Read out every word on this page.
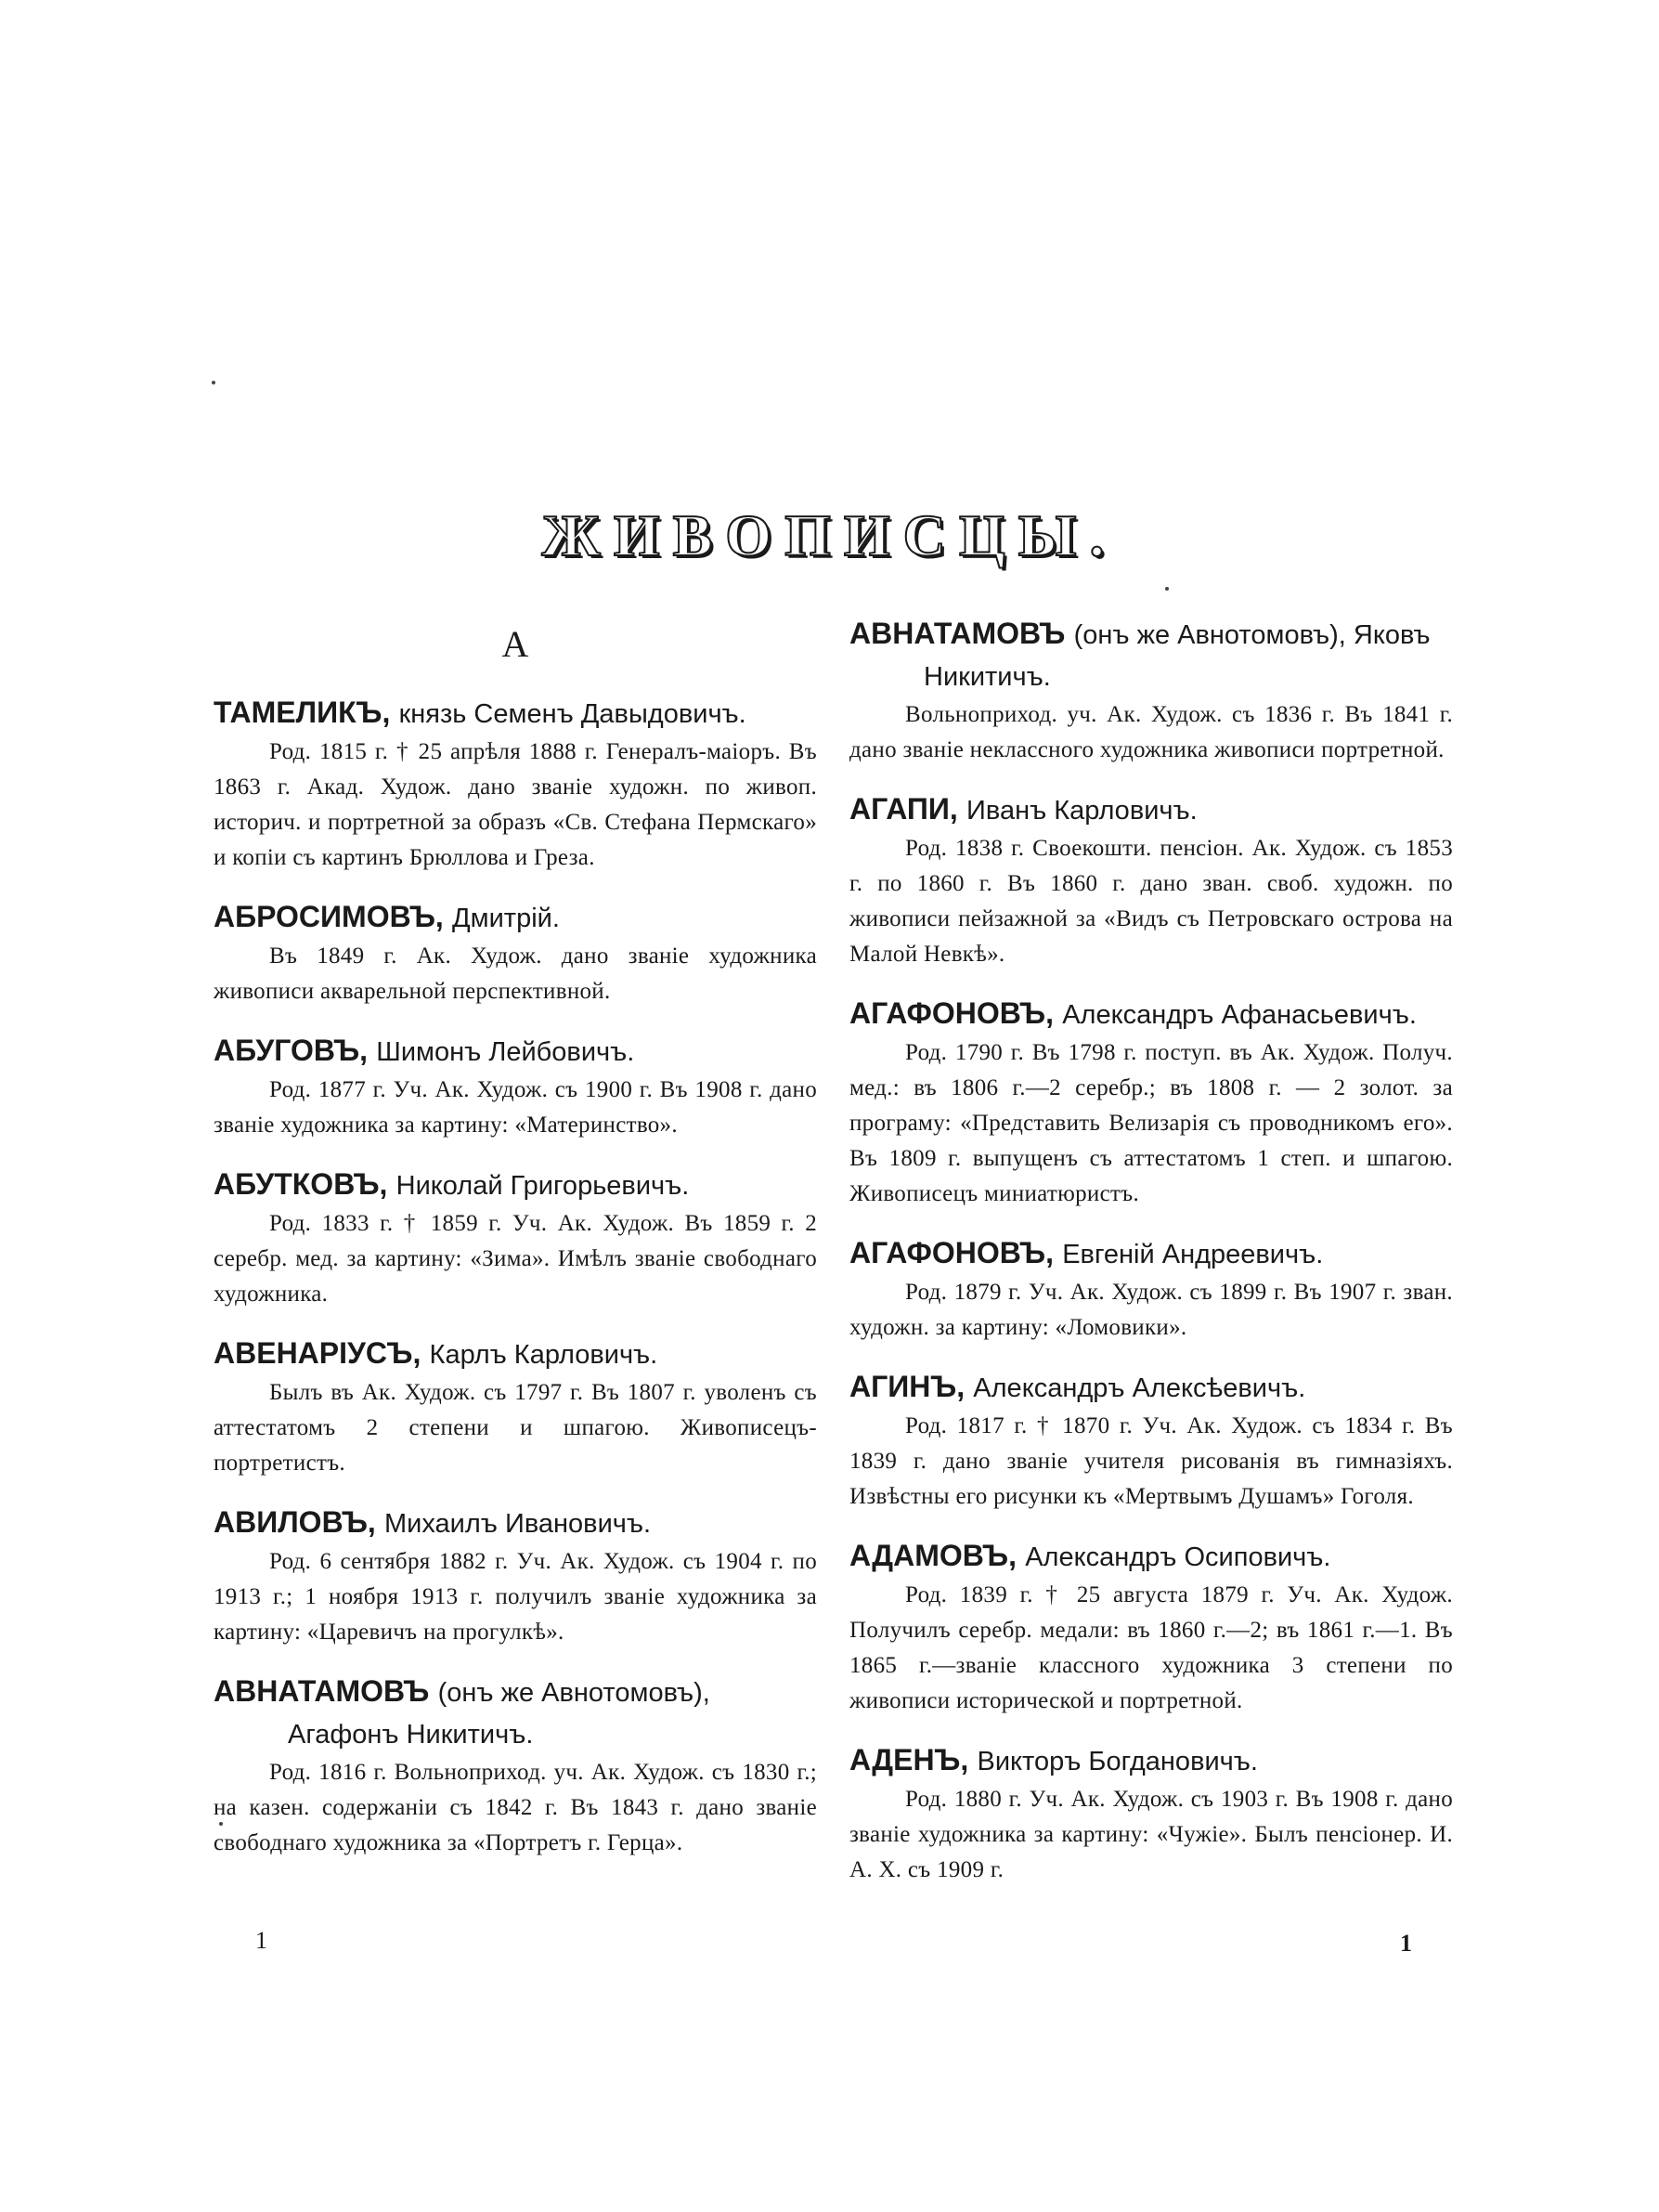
ЖИВОПИСЦЫ.
А
ТАМЕЛИКЪ, князь Семенъ Давыдовичъ.
Род. 1815 г. † 25 апрѣля 1888 г. Генералъ-маiоръ. Въ 1863 г. Акад. Худож. дано званiе художн. по живоп. историч. и портретной за образъ «Св. Стефана Пермскаго» и копiи съ картинъ Брюллова и Греза.
АБРОСИМОВЪ, Дмитрiй.
Въ 1849 г. Ак. Худож. дано званiе художника живописи акварельной перспективной.
АБУГОВЪ, Шимонъ Лейбовичъ.
Род. 1877 г. Уч. Ак. Худож. съ 1900 г. Въ 1908 г. дано званiе художника за картину: «Материнство».
АБУТКОВЪ, Николай Григорьевичъ.
Род. 1833 г. † 1859 г. Уч. Ак. Худож. Въ 1859 г. 2 серебр. мед. за картину: «Зима». Имѣлъ званiе свободнаго художника.
АВЕНАРIУСЪ, Карлъ Карловичъ.
Былъ въ Ак. Худож. съ 1797 г. Въ 1807 г. уволенъ съ аттестатомъ 2 степени и шпагою. Живописецъ-портретистъ.
АВИЛОВЪ, Михаилъ Ивановичъ.
Род. 6 сентября 1882 г. Уч. Ак. Худож. съ 1904 г. по 1913 г.; 1 ноября 1913 г. получилъ званiе художника за картину: «Царевичъ на прогулкѣ».
АВНАТАМОВЪ (онъ же Авнотомовъ), Агафонъ Никитичъ.
Род. 1816 г. Вольноприход. уч. Ак. Худож. съ 1830 г.; на казен. содержанiи съ 1842 г. Въ 1843 г. дано званiе свободнаго художника за «Портретъ г. Герца».
АВНАТАМОВЪ (онъ же Авнотомовъ), Яковъ Никитичъ.
Вольноприход. уч. Ак. Худож. съ 1836 г. Въ 1841 г. дано званiе неклассного художника живописи портретной.
АГАПИ, Иванъ Карловичъ.
Род. 1838 г. Своекошти. пенсiон. Ак. Худож. съ 1853 г. по 1860 г. Въ 1860 г. дано зван. своб. художн. по живописи пейзажной за «Видъ съ Петровскаго острова на Малой Невкѣ».
АГАФОНОВЪ, Александръ Афанасьевичъ.
Род. 1790 г. Въ 1798 г. поступ. въ Ак. Худож. Получ. мед.: въ 1806 г.—2 серебр.; въ 1808 г. — 2 золот. за програму: «Представить Велизарiя съ проводникомъ его». Въ 1809 г. выпущенъ съ аттестатомъ 1 степ. и шпагою. Живописецъ миниатюристъ.
АГАФОНОВЪ, Евгенiй Андреевичъ.
Род. 1879 г. Уч. Ак. Худож. съ 1899 г. Въ 1907 г. зван. художн. за картину: «Ломовики».
АГИНЪ, Александръ Алексѣевичъ.
Род. 1817 г. † 1870 г. Уч. Ак. Худож. съ 1834 г. Въ 1839 г. дано званiе учителя рисованiя въ гимназiяхъ. Извѣстны его рисунки къ «Мертвымъ Душамъ» Гоголя.
АДАМОВЪ, Александръ Осиповичъ.
Род. 1839 г. † 25 августа 1879 г. Уч. Ак. Худож. Получилъ серебр. медали: въ 1860 г.—2; въ 1861 г.—1. Въ 1865 г.—званiе классного художника 3 степени по живописи исторической и портретной.
АДЕНЪ, Викторъ Богдановичъ.
Род. 1880 г. Уч. Ак. Худож. съ 1903 г. Въ 1908 г. дано званiе художника за картину: «Чужiе». Былъ пенсiонер. И. А. Х. съ 1909 г.
1	1
